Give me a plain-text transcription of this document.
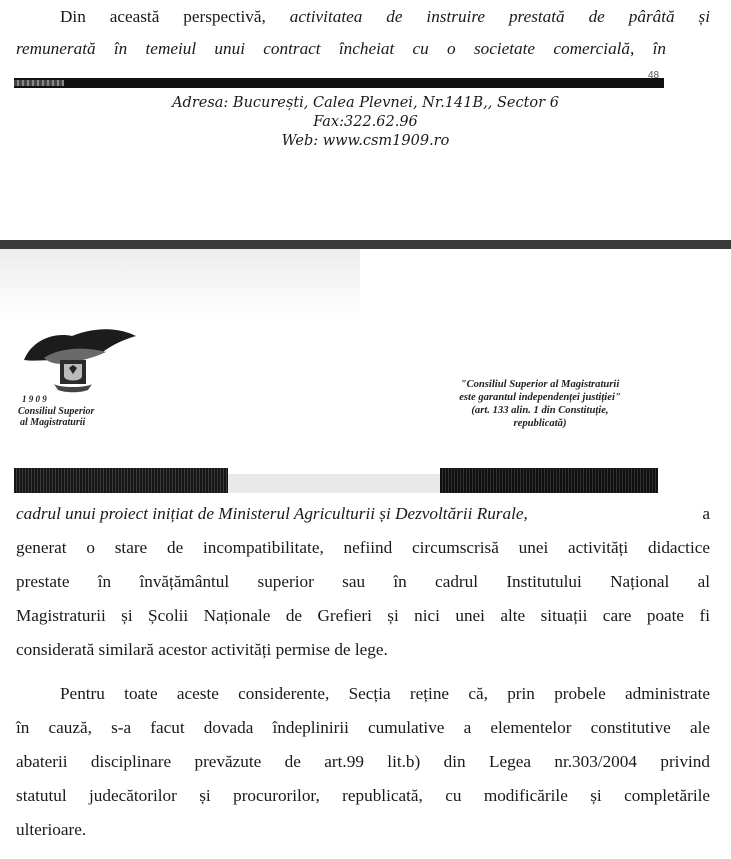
Din această perspectivă, activitatea de instruire prestată de pârâtă și
remunerată în temeiul unui contract încheiat cu o societate comercială, în
48
Adresa: București, Calea Plevnei, Nr.141B,, Sector 6
Fax:322.62.96
Web: www.csm1909.ro
1 9 0 9
Consiliul Superior
al Magistraturii
"Consiliul Superior al Magistraturii
este garantul independenței justiției"
(art. 133 alin. 1 din Constituție,
republicată)
cadrul unui proiect inițiat de Ministerul Agriculturii și Dezvoltării Rurale,	a
generat o stare de incompatibilitate, nefiind circumscrisă unei activități didactice
prestate în învățământul superior sau în cadrul Institutului Național al
Magistraturii și Școlii Naționale de Grefieri și nici unei alte situații care poate fi
considerată similară acestor activități permise de lege.
Pentru toate aceste considerente, Secția reține că, prin probele administrate
în cauză, s-a facut dovada îndeplinirii cumulative a elementelor constitutive ale
abaterii disciplinare prevăzute de art.99 lit.b) din Legea nr.303/2004 privind
statutul judecătorilor și procurorilor, republicată, cu modificările și completările
ulterioare.
